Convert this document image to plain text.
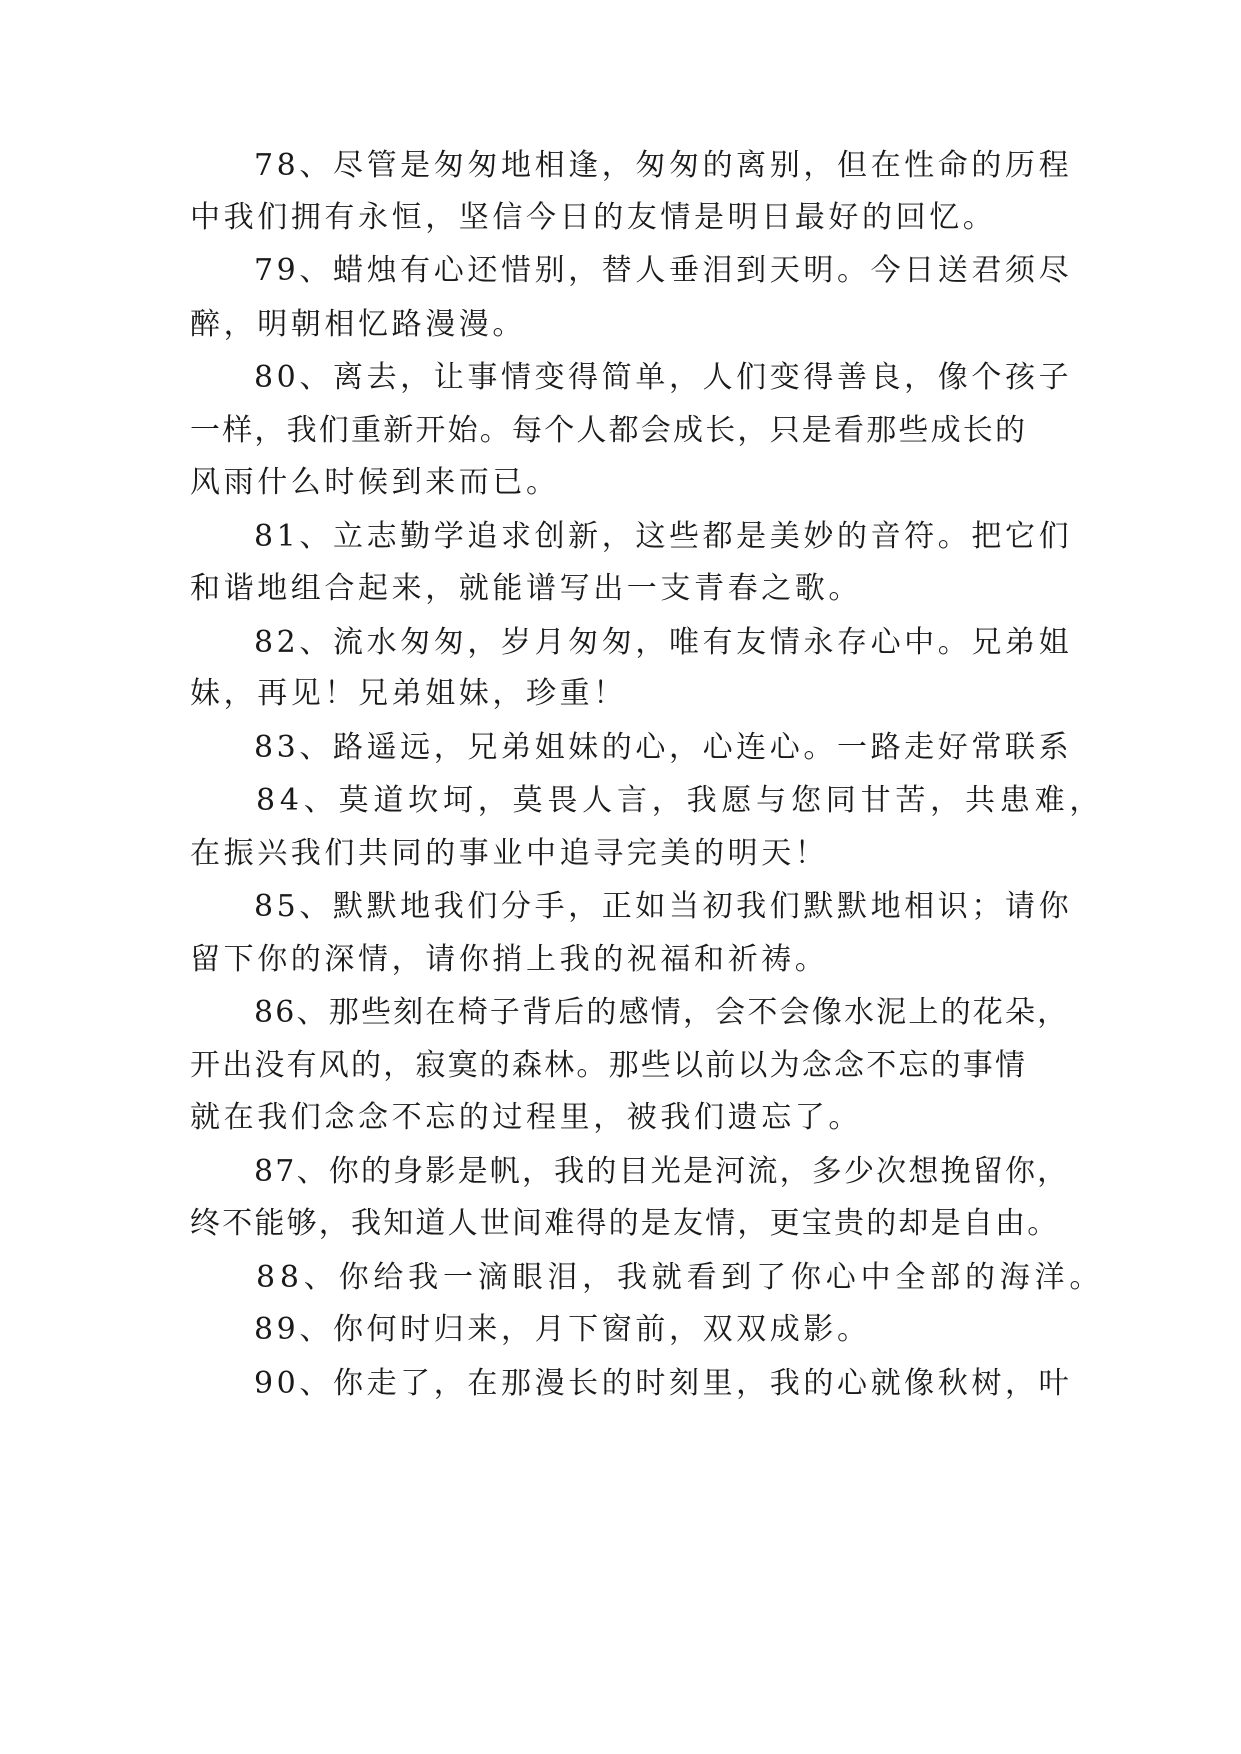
78、尽管是匆匆地相逢，匆匆的离别，但在性命的历程

中我们拥有永恒，坚信今日的友情是明日最好的回忆。

79、蜡烛有心还惜别，替人垂泪到天明。今日送君须尽

醉，明朝相忆路漫漫。

80、离去，让事情变得简单，人们变得善良，像个孩子

一样，我们重新开始。每个人都会成长，只是看那些成长的

风雨什么时候到来而已。

81、立志勤学追求创新，这些都是美妙的音符。把它们

和谐地组合起来，就能谱写出一支青春之歌。

82、流水匆匆，岁月匆匆，唯有友情永存心中。兄弟姐

妹，再见！兄弟姐妹，珍重！

83、路遥远，兄弟姐妹的心，心连心。一路走好常联系

84、莫道坎坷，莫畏人言，我愿与您同甘苦，共患难，

在振兴我们共同的事业中追寻完美的明天！

85、默默地我们分手，正如当初我们默默地相识；请你

留下你的深情，请你捎上我的祝福和祈祷。

86、那些刻在椅子背后的感情，会不会像水泥上的花朵，

开出没有风的，寂寞的森林。那些以前以为念念不忘的事情

就在我们念念不忘的过程里，被我们遗忘了。

87、你的身影是帆，我的目光是河流，多少次想挽留你，

终不能够，我知道人世间难得的是友情，更宝贵的却是自由。

88、你给我一滴眼泪，我就看到了你心中全部的海洋。

89、你何时归来，月下窗前，双双成影。

90、你走了，在那漫长的时刻里，我的心就像秋树，叶
